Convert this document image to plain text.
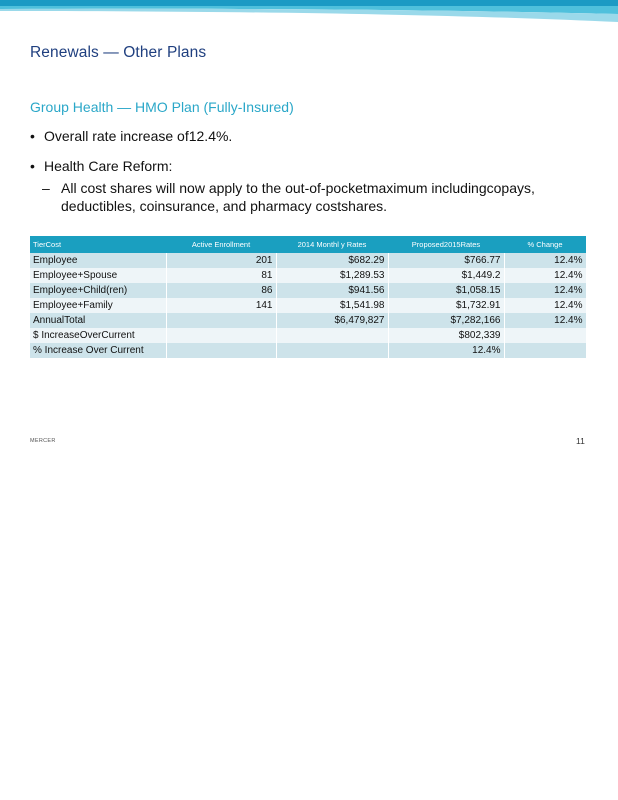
Renewals — Other Plans
Group Health — HMO Plan (Fully-Insured)
• Overall rate increase of12.4%.
• Health Care Reform:
– All cost shares will now apply to the out-of-pocketmaximum includingcopays, deductibles, coinsurance, and pharmacy costshares.
TierCost	Active Enrollment	2014 Monthl y Rates	Proposed2015Rates	% Change
Employee	201	$682.29	$766.77	12.4%
Employee+Spouse	81	$1,289.53	$1,449.2	12.4%
Employee+Child(ren)	86	$941.56	$1,058.15	12.4%
Employee+Family	141	$1,541.98	$1,732.91	12.4%
AnnualTotal		$6,479,827	$7,282,166	12.4%
$ IncreaseOverCurrent			$802,339	
% Increase Over Current			12.4%	
MERCER	11
